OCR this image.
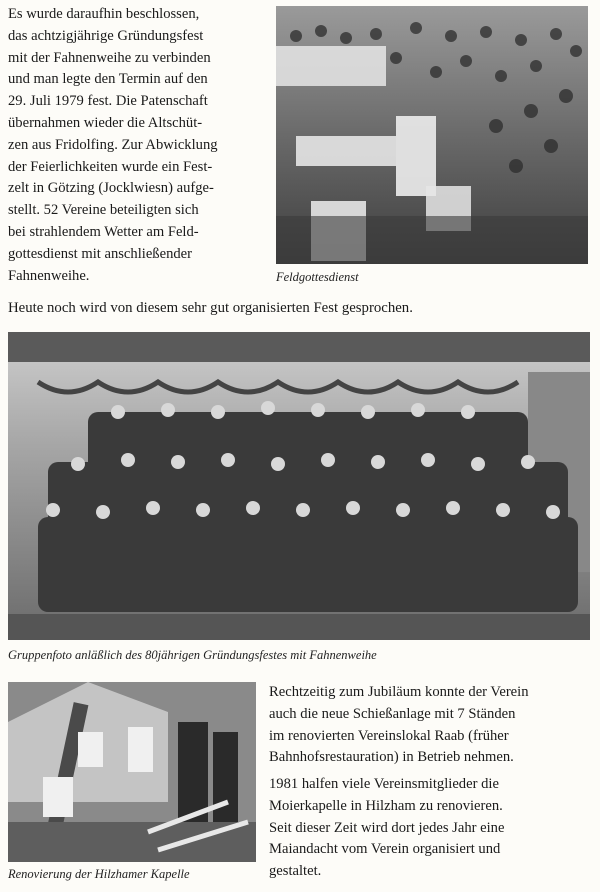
Es wurde daraufhin beschlossen,
das achtzigjährige Gründungsfest
mit der Fahnenweihe zu verbinden
und man legte den Termin auf den
29. Juli 1979 fest. Die Patenschaft
übernahmen wieder die Altschüt-
zen aus Fridolfing. Zur Abwicklung
der Feierlichkeiten wurde ein Fest-
zelt in Götzing (Jocklwiesn) aufge-
stellt. 52 Vereine beteiligten sich
bei strahlendem Wetter am Feld-
gottesdienst mit anschließender
Fahnenweihe.	Feldgottesdienst
Heute noch wird von diesem sehr gut organisierten Fest gesprochen.
Gruppenfoto anläßlich des 80jährigen Gründungsfestes mit Fahnenweihe
Renovierung der Hilzhamer Kapelle
Rechtzeitig zum Jubiläum konnte der Verein
auch die neue Schießanlage mit 7 Ständen
im renovierten Vereinslokal Raab (früher
Bahnhofsrestauration) in Betrieb nehmen.
1981 halfen viele Vereinsmitglieder die
Moierkapelle in Hilzham zu renovieren.
Seit dieser Zeit wird dort jedes Jahr eine
Maiandacht vom Verein organisiert und
gestaltet.
